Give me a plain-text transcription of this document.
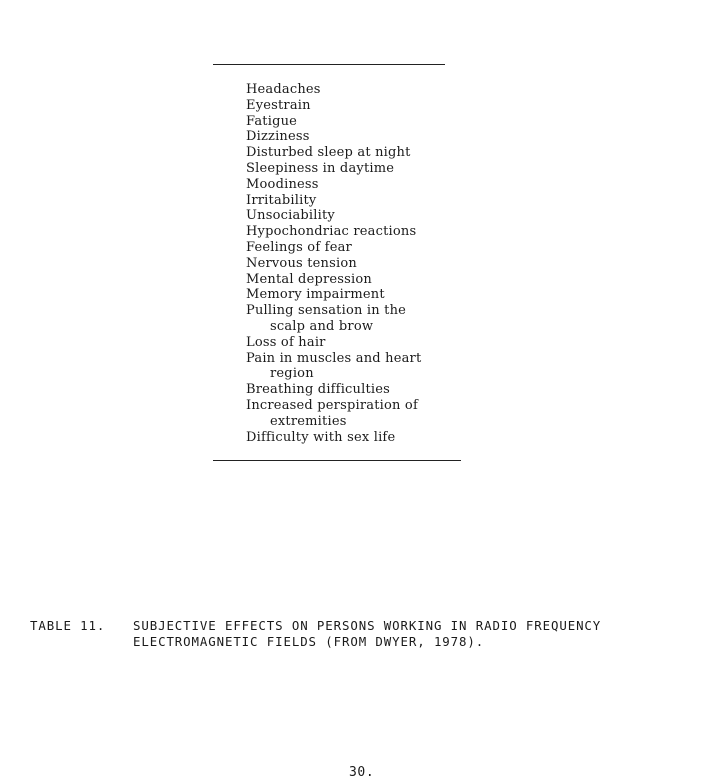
Headaches
Eyestrain
Fatigue
Dizziness
Disturbed sleep at night
Sleepiness in daytime
Moodiness
Irritability
Unsociability
Hypochondriac reactions
Feelings of fear
Nervous tension
Mental depression
Memory impairment
Pulling sensation in the
scalp and brow
Loss of hair
Pain in muscles and heart
region
Breathing difficulties
Increased perspiration of
extremities
Difficulty with sex life
TABLE 11. SUBJECTIVE EFFECTS ON PERSONS WORKING IN RADIO FREQUENCY
ELECTROMAGNETIC FIELDS (FROM DWYER, 1978).
30.
